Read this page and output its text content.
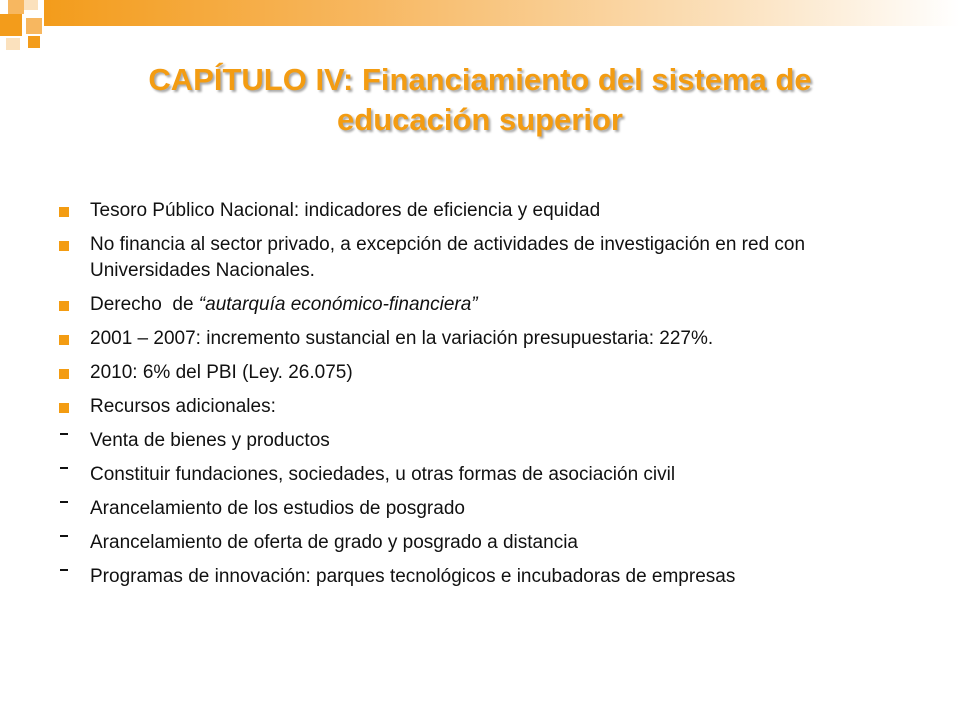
CAPÍTULO IV: Financiamiento del sistema de
educación superior
Tesoro Público Nacional: indicadores de eficiencia y equidad
No financia al sector privado, a excepción de actividades de investigación en red con Universidades Nacionales.
Derecho  de “autarquía económico-financiera”
2001 – 2007: incremento sustancial en la variación presupuestaria: 227%.
2010: 6% del PBI (Ley. 26.075)
Recursos adicionales:
Venta de bienes y productos
Constituir fundaciones, sociedades, u otras formas de asociación civil
Arancelamiento de los estudios de posgrado
Arancelamiento de oferta de grado y posgrado a distancia
Programas de innovación: parques tecnológicos e incubadoras de empresas
